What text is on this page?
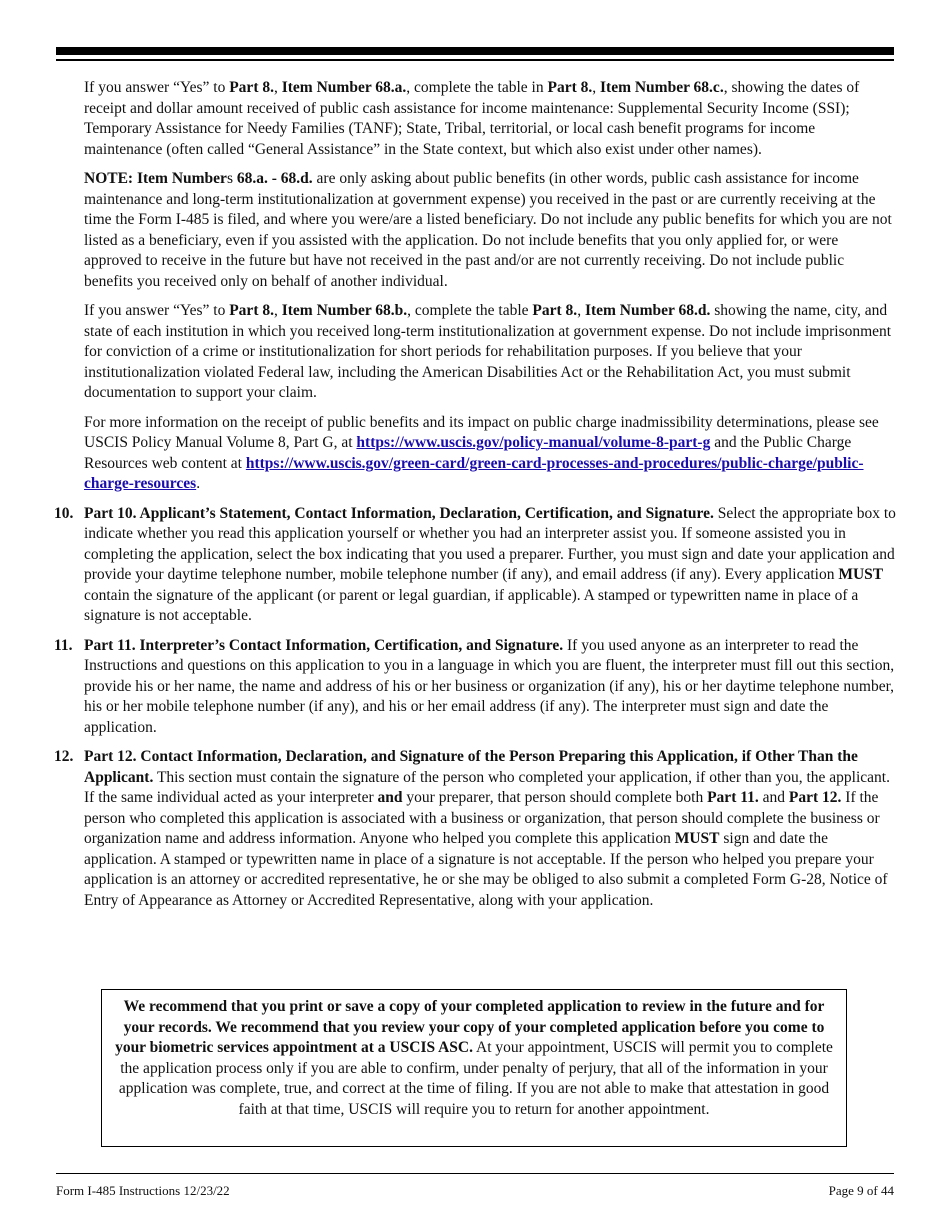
If you answer “Yes” to Part 8., Item Number 68.a., complete the table in Part 8., Item Number 68.c., showing the dates of receipt and dollar amount received of public cash assistance for income maintenance: Supplemental Security Income (SSI); Temporary Assistance for Needy Families (TANF); State, Tribal, territorial, or local cash benefit programs for income maintenance (often called “General Assistance” in the State context, but which also exist under other names).

NOTE: Item Numbers 68.a. - 68.d. are only asking about public benefits (in other words, public cash assistance for income maintenance and long-term institutionalization at government expense) you received in the past or are currently receiving at the time the Form I-485 is filed, and where you were/are a listed beneficiary. Do not include any public benefits for which you are not listed as a beneficiary, even if you assisted with the application. Do not include benefits that you only applied for, or were approved to receive in the future but have not received in the past and/or are not currently receiving. Do not include public benefits you received only on behalf of another individual.

If you answer “Yes” to Part 8., Item Number 68.b., complete the table Part 8., Item Number 68.d. showing the name, city, and state of each institution in which you received long-term institutionalization at government expense. Do not include imprisonment for conviction of a crime or institutionalization for short periods for rehabilitation purposes. If you believe that your institutionalization violated Federal law, including the American Disabilities Act or the Rehabilitation Act, you must submit documentation to support your claim.

For more information on the receipt of public benefits and its impact on public charge inadmissibility determinations, please see USCIS Policy Manual Volume 8, Part G, at https://www.uscis.gov/policy-manual/volume-8-part-g and the Public Charge Resources web content at https://www.uscis.gov/green-card/green-card-processes-and-procedures/public-charge/public-charge-resources.

10. Part 10. Applicant’s Statement, Contact Information, Declaration, Certification, and Signature. Select the appropriate box to indicate whether you read this application yourself or whether you had an interpreter assist you. If someone assisted you in completing the application, select the box indicating that you used a preparer. Further, you must sign and date your application and provide your daytime telephone number, mobile telephone number (if any), and email address (if any). Every application MUST contain the signature of the applicant (or parent or legal guardian, if applicable). A stamped or typewritten name in place of a signature is not acceptable.
11. Part 11. Interpreter’s Contact Information, Certification, and Signature. If you used anyone as an interpreter to read the Instructions and questions on this application to you in a language in which you are fluent, the interpreter must fill out this section, provide his or her name, the name and address of his or her business or organization (if any), his or her daytime telephone number, his or her mobile telephone number (if any), and his or her email address (if any). The interpreter must sign and date the application.
12. Part 12. Contact Information, Declaration, and Signature of the Person Preparing this Application, if Other Than the Applicant. This section must contain the signature of the person who completed your application, if other than you, the applicant. If the same individual acted as your interpreter and your preparer, that person should complete both Part 11. and Part 12. If the person who completed this application is associated with a business or organization, that person should complete the business or organization name and address information. Anyone who helped you complete this application MUST sign and date the application. A stamped or typewritten name in place of a signature is not acceptable. If the person who helped you prepare your application is an attorney or accredited representative, he or she may be obliged to also submit a completed Form G-28, Notice of Entry of Appearance as Attorney or Accredited Representative, along with your application.
We recommend that you print or save a copy of your completed application to review in the future and for your records. We recommend that you review your copy of your completed application before you come to your biometric services appointment at a USCIS ASC. At your appointment, USCIS will permit you to complete the application process only if you are able to confirm, under penalty of perjury, that all of the information in your application was complete, true, and correct at the time of filing. If you are not able to make that attestation in good faith at that time, USCIS will require you to return for another appointment.
Form I-485 Instructions 12/23/22	Page 9 of 44
